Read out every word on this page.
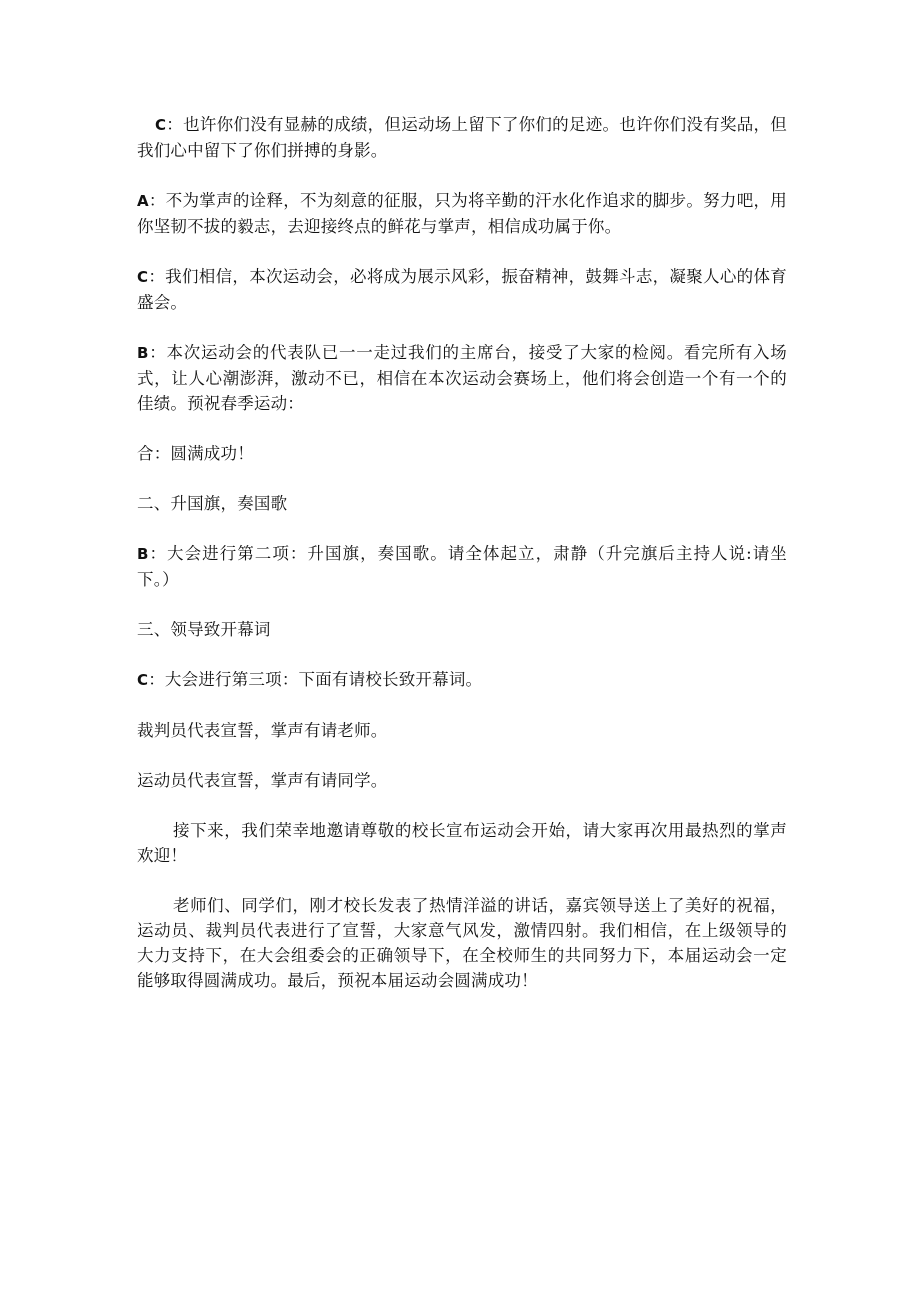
C：也许你们没有显赫的成绩，但运动场上留下了你们的足迹。也许你们没有奖品，但我们心中留下了你们拼搏的身影。

A：不为掌声的诠释，不为刻意的征服，只为将辛勤的汗水化作追求的脚步。努力吧，用你坚韧不拔的毅志，去迎接终点的鲜花与掌声，相信成功属于你。

C：我们相信，本次运动会，必将成为展示风彩，振奋精神，鼓舞斗志，凝聚人心的体育盛会。

B：本次运动会的代表队已一一走过我们的主席台，接受了大家的检阅。看完所有入场式，让人心潮澎湃，激动不已，相信在本次运动会赛场上，他们将会创造一个有一个的佳绩。预祝春季运动：

合：圆满成功！

二、升国旗，奏国歌

B：大会进行第二项：升国旗，奏国歌。请全体起立，肃静（升完旗后主持人说:请坐下。）

三、领导致开幕词

C：大会进行第三项：下面有请校长致开幕词。

裁判员代表宣誓，掌声有请老师。

运动员代表宣誓，掌声有请同学。

接下来，我们荣幸地邀请尊敬的校长宣布运动会开始，请大家再次用最热烈的掌声欢迎！

老师们、同学们，刚才校长发表了热情洋溢的讲话，嘉宾领导送上了美好的祝福，运动员、裁判员代表进行了宣誓，大家意气风发，激情四射。我们相信，在上级领导的大力支持下，在大会组委会的正确领导下，在全校师生的共同努力下，本届运动会一定能够取得圆满成功。最后，预祝本届运动会圆满成功！
